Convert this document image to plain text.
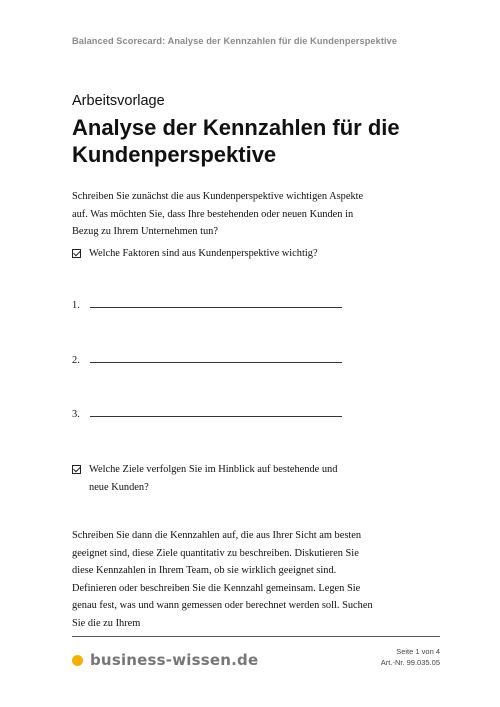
Balanced Scorecard: Analyse der Kennzahlen für die Kundenperspektive
Arbeitsvorlage
Analyse der Kennzahlen für die Kundenperspektive
Schreiben Sie zunächst die aus Kundenperspektive wichtigen Aspekte auf. Was möchten Sie, dass Ihre bestehenden oder neuen Kunden in Bezug zu Ihrem Unternehmen tun?
Welche Faktoren sind aus Kundenperspektive wichtig?
1.
2.
3.
Welche Ziele verfolgen Sie im Hinblick auf bestehende und neue Kunden?
Schreiben Sie dann die Kennzahlen auf, die aus Ihrer Sicht am besten geeignet sind, diese Ziele quantitativ zu beschreiben. Diskutieren Sie diese Kennzahlen in Ihrem Team, ob sie wirklich geeignet sind. Definieren oder beschreiben Sie die Kennzahl gemeinsam. Legen Sie genau fest, was und wann gemessen oder berechnet werden soll. Suchen Sie die zu Ihrem
business-wissen.de	Seite 1 von 4
Art.-Nr. 99.035.05
